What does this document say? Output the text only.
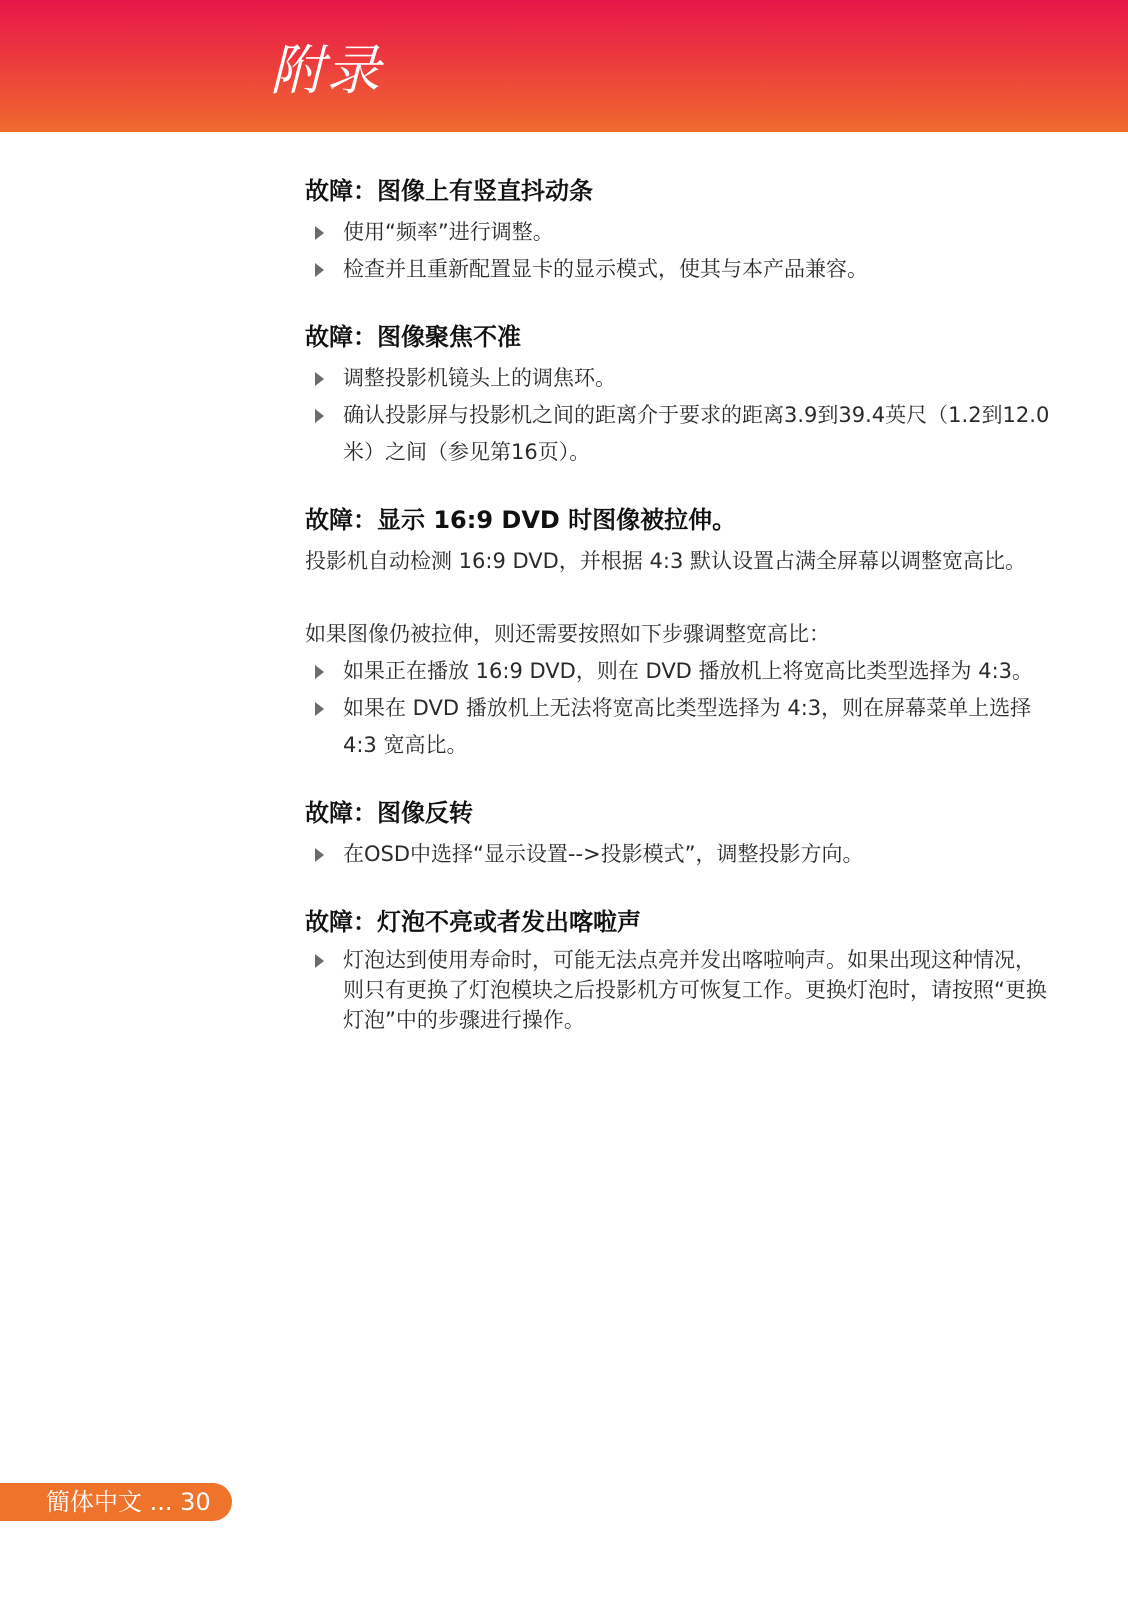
附录
故障：图像上有竖直抖动条
使用“频率”进行调整。
检查并且重新配置显卡的显示模式，使其与本产品兼容。
故障：图像聚焦不准
调整投影机镜头上的调焦环。
确认投影屏与投影机之间的距离介于要求的距离3.9到39.4英尺（1.2到12.0米）之间（参见第16页）。
故障：显示 16:9 DVD 时图像被拉伸。
投影机自动检测 16:9 DVD，并根据 4:3 默认设置占满全屏幕以调整宽高比。
如果图像仍被拉伸，则还需要按照如下步骤调整宽高比：
如果正在播放 16:9 DVD，则在 DVD 播放机上将宽高比类型选择为 4:3。
如果在 DVD 播放机上无法将宽高比类型选择为 4:3，则在屏幕菜单上选择 4:3 宽高比。
故障：图像反转
在OSD中选择“显示设置-->投影模式”，调整投影方向。
故障：灯泡不亮或者发出喀啦声
灯泡达到使用寿命时，可能无法点亮并发出喀啦响声。如果出现这种情况，则只有更换了灯泡模块之后投影机方可恢复工作。更换灯泡时，请按照“更换灯泡”中的步骤进行操作。
簡体中文 ... 30
